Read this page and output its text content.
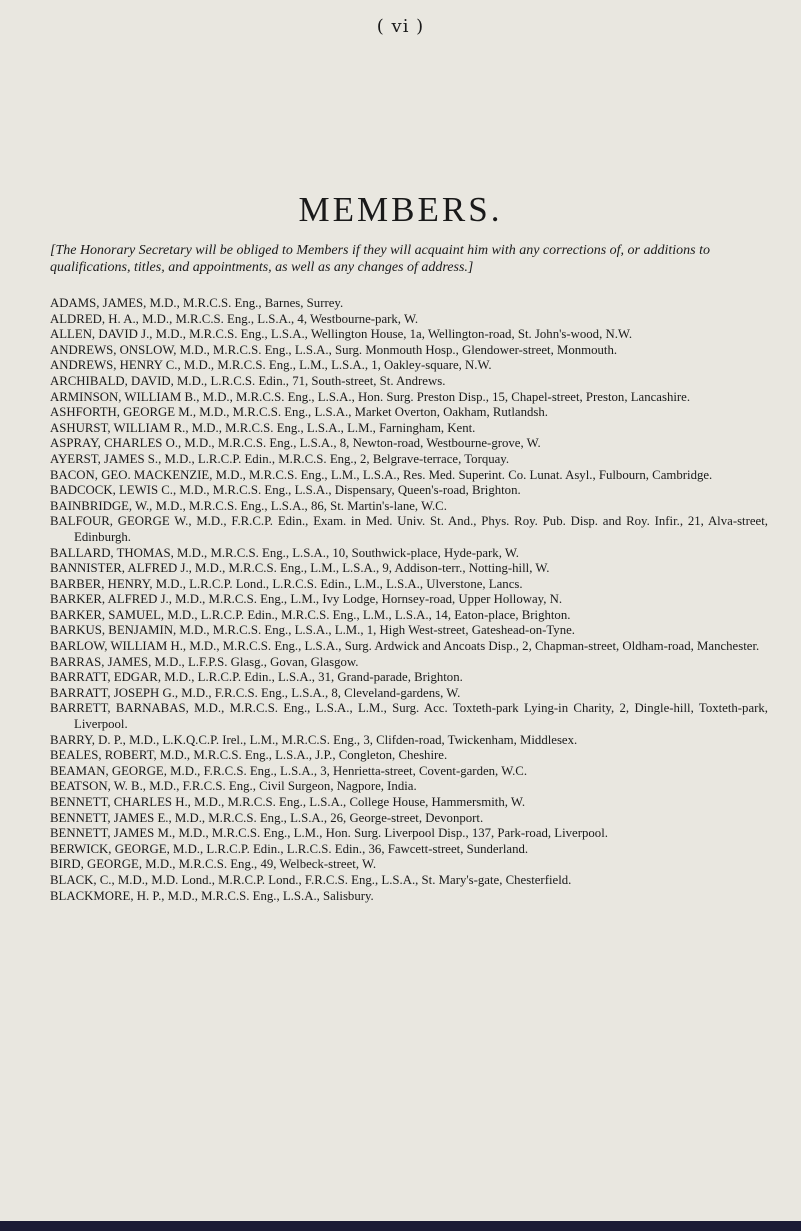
( vi )
MEMBERS.

[The Honorary Secretary will be obliged to Members if they will acquaint him with any corrections of, or additions to qualifications, titles, and appointments, as well as any changes of address.]

ADAMS, JAMES, M.D., M.R.C.S. Eng., Barnes, Surrey.
ALDRED, H. A., M.D., M.R.C.S. Eng., L.S.A., 4, Westbourne-park, W.
ALLEN, DAVID J., M.D., M.R.C.S. Eng., L.S.A., Wellington House, 1a, Wellington-road, St. John's-wood, N.W.
ANDREWS, ONSLOW, M.D., M.R.C.S. Eng., L.S.A., Surg. Monmouth Hosp., Glendower-street, Monmouth.
ANDREWS, HENRY C., M.D., M.R.C.S. Eng., L.M., L.S.A., 1, Oakley-square, N.W.
ARCHIBALD, DAVID, M.D., L.R.C.S. Edin., 71, South-street, St. Andrews.
ARMINSON, WILLIAM B., M.D., M.R.C.S. Eng., L.S.A., Hon. Surg. Preston Disp., 15, Chapel-street, Preston, Lancashire.
ASHFORTH, GEORGE M., M.D., M.R.C.S. Eng., L.S.A., Market Overton, Oakham, Rutlandsh.
ASHURST, WILLIAM R., M.D., M.R.C.S. Eng., L.S.A., L.M., Farningham, Kent.
ASPRAY, CHARLES O., M.D., M.R.C.S. Eng., L.S.A., 8, Newton-road, Westbourne-grove, W.
AYERST, JAMES S., M.D., L.R.C.P. Edin., M.R.C.S. Eng., 2, Belgrave-terrace, Torquay.
BACON, GEO. MACKENZIE, M.D., M.R.C.S. Eng., L.M., L.S.A., Res. Med. Superint. Co. Lunat. Asyl., Fulbourn, Cambridge.
BADCOCK, LEWIS C., M.D., M.R.C.S. Eng., L.S.A., Dispensary, Queen's-road, Brighton.
BAINBRIDGE, W., M.D., M.R.C.S. Eng., L.S.A., 86, St. Martin's-lane, W.C.
BALFOUR, GEORGE W., M.D., F.R.C.P. Edin., Exam. in Med. Univ. St. And., Phys. Roy. Pub. Disp. and Roy. Infir., 21, Alva-street, Edinburgh.
BALLARD, THOMAS, M.D., M.R.C.S. Eng., L.S.A., 10, Southwick-place, Hyde-park, W.
BANNISTER, ALFRED J., M.D., M.R.C.S. Eng., L.M., L.S.A., 9, Addison-terr., Notting-hill, W.
BARBER, HENRY, M.D., L.R.C.P. Lond., L.R.C.S. Edin., L.M., L.S.A., Ulverstone, Lancs.
BARKER, ALFRED J., M.D., M.R.C.S. Eng., L.M., Ivy Lodge, Hornsey-road, Upper Holloway, N.
BARKER, SAMUEL, M.D., L.R.C.P. Edin., M.R.C.S. Eng., L.M., L.S.A., 14, Eaton-place, Brighton.
BARKUS, BENJAMIN, M.D., M.R.C.S. Eng., L.S.A., L.M., 1, High West-street, Gateshead-on-Tyne.
BARLOW, WILLIAM H., M.D., M.R.C.S. Eng., L.S.A., Surg. Ardwick and Ancoats Disp., 2, Chapman-street, Oldham-road, Manchester.
BARRAS, JAMES, M.D., L.F.P.S. Glasg., Govan, Glasgow.
BARRATT, EDGAR, M.D., L.R.C.P. Edin., L.S.A., 31, Grand-parade, Brighton.
BARRATT, JOSEPH G., M.D., F.R.C.S. Eng., L.S.A., 8, Cleveland-gardens, W.
BARRETT, BARNABAS, M.D., M.R.C.S. Eng., L.S.A., L.M., Surg. Acc. Toxteth-park Lying-in Charity, 2, Dingle-hill, Toxteth-park, Liverpool.
BARRY, D. P., M.D., L.K.Q.C.P. Irel., L.M., M.R.C.S. Eng., 3, Clifden-road, Twickenham, Middlesex.
BEALES, ROBERT, M.D., M.R.C.S. Eng., L.S.A., J.P., Congleton, Cheshire.
BEAMAN, GEORGE, M.D., F.R.C.S. Eng., L.S.A., 3, Henrietta-street, Covent-garden, W.C.
BEATSON, W. B., M.D., F.R.C.S. Eng., Civil Surgeon, Nagpore, India.
BENNETT, CHARLES H., M.D., M.R.C.S. Eng., L.S.A., College House, Hammersmith, W.
BENNETT, JAMES E., M.D., M.R.C.S. Eng., L.S.A., 26, George-street, Devonport.
BENNETT, JAMES M., M.D., M.R.C.S. Eng., L.M., Hon. Surg. Liverpool Disp., 137, Park-road, Liverpool.
BERWICK, GEORGE, M.D., L.R.C.P. Edin., L.R.C.S. Edin., 36, Fawcett-street, Sunderland.
BIRD, GEORGE, M.D., M.R.C.S. Eng., 49, Welbeck-street, W.
BLACK, C., M.D., M.D. Lond., M.R.C.P. Lond., F.R.C.S. Eng., L.S.A., St. Mary's-gate, Chesterfield.
BLACKMORE, H. P., M.D., M.R.C.S. Eng., L.S.A., Salisbury.
